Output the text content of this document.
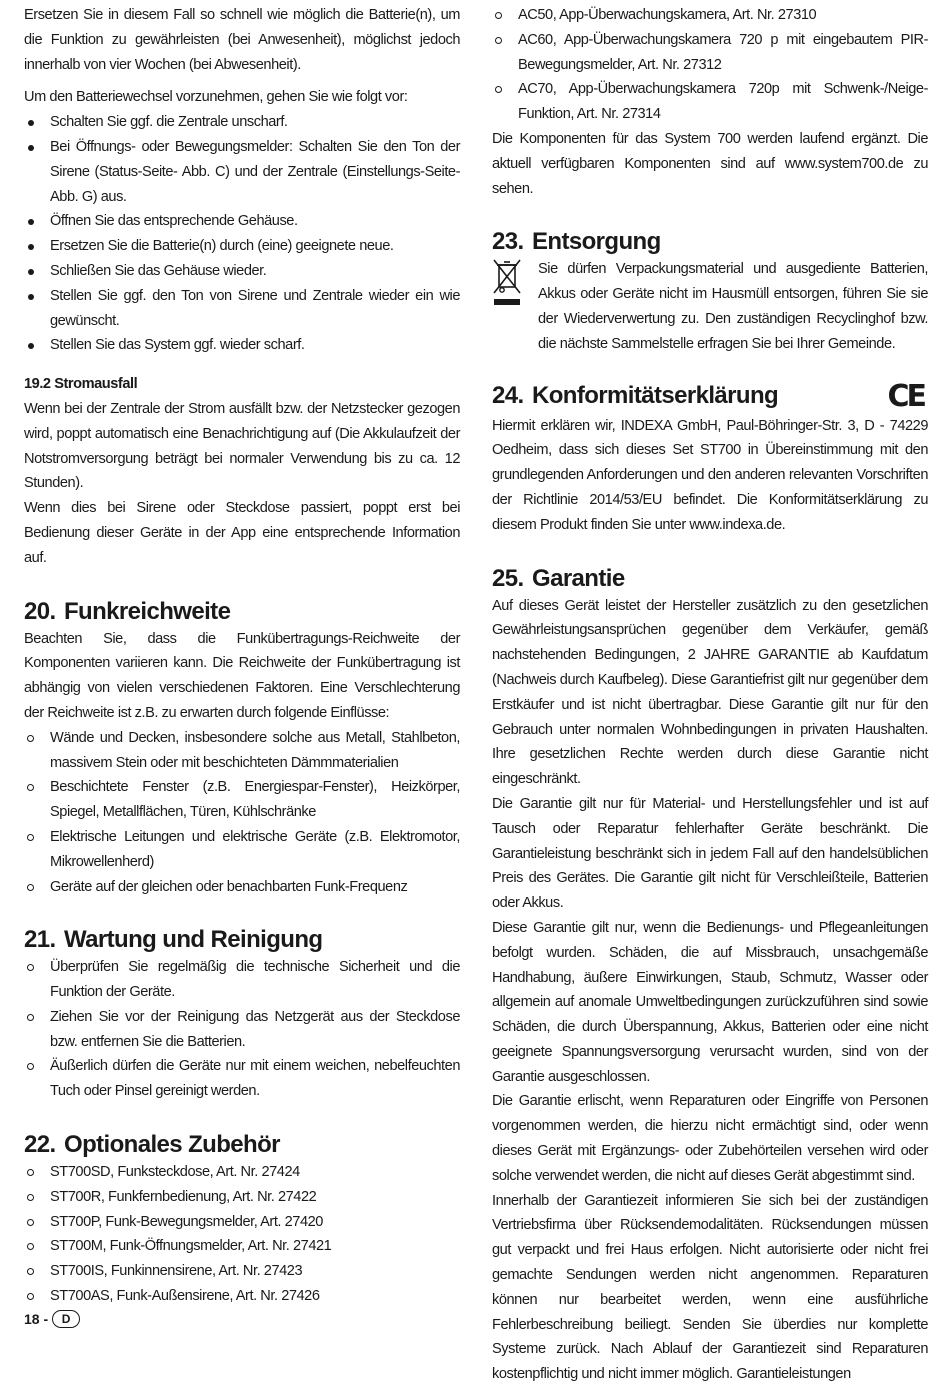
Ersetzen Sie in diesem Fall so schnell wie möglich die Batterie(n), um die Funktion zu gewährleisten (bei Anwesenheit), möglichst jedoch innerhalb von vier Wochen (bei Abwesenheit).

Um den Batteriewechsel vorzunehmen, gehen Sie wie folgt vor:

Schalten Sie ggf. die Zentrale unscharf.
Bei Öffnungs- oder Bewegungsmelder: Schalten Sie den Ton der Sirene (Status-Seite- Abb. C) und der Zentrale (Einstellungs-Seite- Abb. G) aus.
Öffnen Sie das entsprechende Gehäuse.
Ersetzen Sie die Batterie(n) durch (eine) geeignete neue.
Schließen Sie das Gehäuse wieder.
Stellen Sie ggf. den Ton von Sirene und Zentrale wieder ein wie gewünscht.
Stellen Sie das System ggf. wieder scharf.
19.2 Stromausfall

Wenn bei der Zentrale der Strom ausfällt bzw. der Netzstecker gezogen wird, poppt automatisch eine Benachrichtigung auf (Die Akkulaufzeit der Notstromversorgung beträgt bei normaler Verwendung bis zu ca. 12 Stunden).

Wenn dies bei Sirene oder Steckdose passiert, poppt erst bei Bedienung dieser Geräte in der App eine entsprechende Information auf.

20. Funkreichweite

Beachten Sie, dass die Funkübertragungs-Reichweite der Komponenten variieren kann. Die Reichweite der Funkübertragung ist abhängig von vielen verschiedenen Faktoren. Eine Verschlechterung der Reichweite ist z.B. zu erwarten durch folgende Einflüsse:

Wände und Decken, insbesondere solche aus Metall, Stahlbeton, massivem Stein oder mit beschichteten Dämmmaterialien
Beschichtete Fenster (z.B. Energiespar-Fenster), Heizkörper, Spiegel, Metallflächen, Türen, Kühlschränke
Elektrische Leitungen und elektrische Geräte (z.B. Elektromotor, Mikrowellenherd)
Geräte auf der gleichen oder benachbarten Funk-Frequenz
21. Wartung und Reinigung
Überprüfen Sie regelmäßig die technische Sicherheit und die Funktion der Geräte.
Ziehen Sie vor der Reinigung das Netzgerät aus der Steckdose bzw. entfernen Sie die Batterien.
Äußerlich dürfen die Geräte nur mit einem weichen, nebelfeuchten Tuch oder Pinsel gereinigt werden.
22. Optionales Zubehör
ST700SD, Funksteckdose, Art. Nr. 27424
ST700R, Funkfernbedienung, Art. Nr. 27422
ST700P, Funk-Bewegungsmelder, Art. 27420
ST700M, Funk-Öffnungsmelder, Art. Nr. 27421
ST700IS, Funkinnensirene, Art. Nr. 27423
ST700AS, Funk-Außensirene, Art. Nr. 27426
AC50, App-Überwachungskamera, Art. Nr. 27310
AC60, App-Überwachungskamera 720 p mit eingebautem PIR-Bewegungsmelder, Art. Nr. 27312
AC70, App-Überwachungskamera 720p mit Schwenk-/Neige-Funktion, Art. Nr. 27314

Die Komponenten für das System 700 werden laufend ergänzt. Die aktuell verfügbaren Komponenten sind auf www.system700.de zu sehen.

23. Entsorgung

Sie dürfen Verpackungsmaterial und ausgediente Batterien, Akkus oder Geräte nicht im Hausmüll entsorgen, führen Sie sie der Wiederverwertung zu. Den zuständigen Recyclinghof bzw. die nächste Sammelstelle erfragen Sie bei Ihrer Gemeinde.

24. Konformitätserklärung	CE

Hiermit erklären wir, INDEXA GmbH, Paul-Böhringer-Str. 3, D - 74229 Oedheim, dass sich dieses Set ST700 in Übereinstimmung mit den grundlegenden Anforderungen und den anderen relevanten Vorschriften der Richtlinie 2014/53/EU befindet. Die Konformitätserklärung zu diesem Produkt finden Sie unter www.indexa.de.

25. Garantie

Auf dieses Gerät leistet der Hersteller zusätzlich zu den gesetzlichen Gewährleistungsansprüchen gegenüber dem Verkäufer, gemäß nachstehenden Bedingungen, 2 JAHRE GARANTIE ab Kaufdatum (Nachweis durch Kaufbeleg). Diese Garantiefrist gilt nur gegenüber dem Erstkäufer und ist nicht übertragbar. Diese Garantie gilt nur für den Gebrauch unter normalen Wohnbedingungen in privaten Haushalten. Ihre gesetzlichen Rechte werden durch diese Garantie nicht eingeschränkt.

Die Garantie gilt nur für Material- und Herstellungsfehler und ist auf Tausch oder Reparatur fehlerhafter Geräte beschränkt. Die Garantieleistung beschränkt sich in jedem Fall auf den handelsüblichen Preis des Gerätes. Die Garantie gilt nicht für Verschleißteile, Batterien oder Akkus.

Diese Garantie gilt nur, wenn die Bedienungs- und Pflegeanleitungen befolgt wurden. Schäden, die auf Missbrauch, unsachgemäße Handhabung, äußere Einwirkungen, Staub, Schmutz, Wasser oder allgemein auf anomale Umweltbedingungen zurückzuführen sind sowie Schäden, die durch Überspannung, Akkus, Batterien oder eine nicht geeignete Spannungsversorgung verursacht wurden, sind von der Garantie ausgeschlossen.

Die Garantie erlischt, wenn Reparaturen oder Eingriffe von Personen vorgenommen werden, die hierzu nicht ermächtigt sind, oder wenn dieses Gerät mit Ergänzungs- oder Zubehörteilen versehen wird oder solche verwendet werden, die nicht auf dieses Gerät abgestimmt sind.

Innerhalb der Garantiezeit informieren Sie sich bei der zuständigen Vertriebsfirma über Rücksendemodalitäten. Rücksendungen müssen gut verpackt und frei Haus erfolgen. Nicht autorisierte oder nicht frei gemachte Sendungen werden nicht angenommen. Reparaturen können nur bearbeitet werden, wenn eine ausführliche Fehlerbeschreibung beiliegt. Senden Sie überdies nur komplette Systeme zurück. Nach Ablauf der Garantiezeit sind Reparaturen kostenpflichtig und nicht immer möglich. Garantieleistungen

18 -	D
